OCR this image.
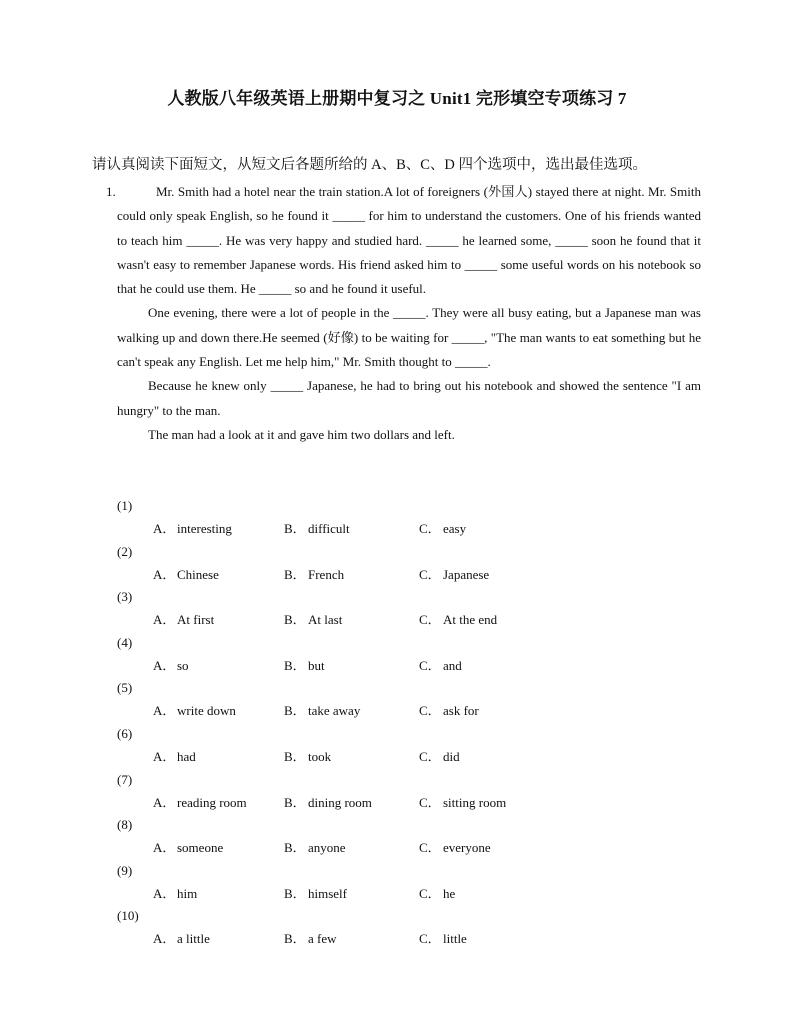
人教版八年级英语上册期中复习之 Unit1 完形填空专项练习 7
请认真阅读下面短文，从短文后各题所给的 A、B、C、D 四个选项中，选出最佳选项。
1.	Mr. Smith had a hotel near the train station.A lot of foreigners (外国人) stayed there at night. Mr. Smith could only speak English, so he found it _____ for him to understand the customers. One of his friends wanted to teach him _____. He was very happy and studied hard. _____ he learned some, _____ soon he found that it wasn't easy to remember Japanese words. His friend asked him to _____ some useful words on his notebook so that he could use them. He _____ so and he found it useful.

One evening, there were a lot of people in the _____. They were all busy eating, but a Japanese man was walking up and down there.He seemed (好像) to be waiting for _____, "The man wants to eat something but he can't speak any English. Let me help him," Mr. Smith thought to _____.

Because he knew only _____ Japanese, he had to bring out his notebook and showed the sentence "I am hungry" to the man.

The man had a look at it and gave him two dollars and left.

(1)
A． interesting	B． difficult	C． easy
(2)
A． Chinese	B． French	C． Japanese
(3)
A． At first	B． At last	C． At the end
(4)
A． so	B． but	C． and
(5)
A． write down	B． take away	C． ask for
(6)
A． had	B． took	C． did
(7)
A． reading room	B． dining room	C． sitting room
(8)
A． someone	B． anyone	C． everyone
(9)
A． him	B． himself	C． he
(10)
A． a little	B． a few	C． little
